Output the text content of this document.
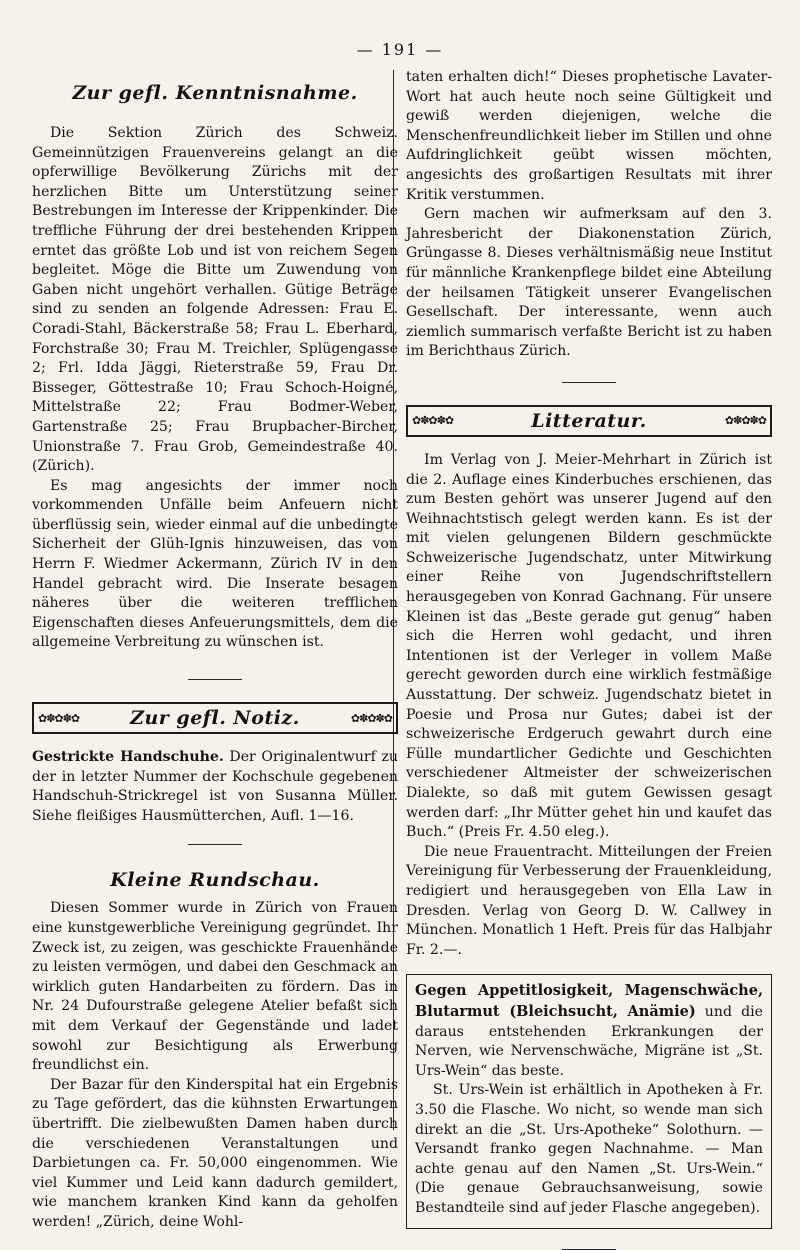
— 191 —
Zur gefl. Kenntnisnahme.

Die Sektion Zürich des Schweiz. Gemeinnützigen Frauenvereins gelangt an die opferwillige Bevölkerung Zürichs mit der herzlichen Bitte um Unterstützung seiner Bestrebungen im Interesse der Krippenkinder. Die treffliche Führung der drei bestehenden Krippen erntet das größte Lob und ist von reichem Segen begleitet. Möge die Bitte um Zuwendung von Gaben nicht ungehört verhallen. Gütige Beträge sind zu senden an folgende Adressen: Frau E. Coradi-Stahl, Bäckerstraße 58; Frau L. Eberhard, Forchstraße 30; Frau M. Treichler, Splügengasse 2; Frl. Idda Jäggi, Rieterstraße 59, Frau Dr. Bisseger, Göttestraße 10; Frau Schoch-Hoigné, Mittelstraße 22; Frau Bodmer-Weber, Gartenstraße 25; Frau Brupbacher-Bircher, Unionstraße 7. Frau Grob, Gemeindestraße 40. (Zürich).

Es mag angesichts der immer noch vorkommenden Unfälle beim Anfeuern nicht überflüssig sein, wieder einmal auf die unbedingte Sicherheit der Glüh-Ignis hinzuweisen, das von Herrn F. Wiedmer Ackermann, Zürich IV in den Handel gebracht wird. Die Inserate besagen näheres über die weiteren trefflichen Eigenschaften dieses Anfeuerungsmittels, dem die allgemeine Verbreitung zu wünschen ist.

✿✽✿✽✿	Zur gefl. Notiz.	✿✽✿✽✿

Gestrickte Handschuhe. Der Originalentwurf zu der in letzter Nummer der Kochschule gegebenen Handschuh-Strickregel ist von Susanna Müller. Siehe fleißiges Hausmütterchen, Aufl. 1—16.

Kleine Rundschau.

Diesen Sommer wurde in Zürich von Frauen eine kunstgewerbliche Vereinigung gegründet. Ihr Zweck ist, zu zeigen, was geschickte Frauenhände zu leisten vermögen, und dabei den Geschmack an wirklich guten Handarbeiten zu fördern. Das in Nr. 24 Dufourstraße gelegene Atelier befaßt sich mit dem Verkauf der Gegenstände und ladet sowohl zur Besichtigung als Erwerbung freundlichst ein.

Der Bazar für den Kinderspital hat ein Ergebnis zu Tage gefördert, das die kühnsten Erwartungen übertrifft. Die zielbewußten Damen haben durch die verschiedenen Veranstaltungen und Darbietungen ca. Fr. 50,000 eingenommen. Wie viel Kummer und Leid kann dadurch gemildert, wie manchem kranken Kind kann da geholfen werden! „Zürich, deine Wohl-

taten erhalten dich!“ Dieses prophetische Lavater-Wort hat auch heute noch seine Gültigkeit und gewiß werden diejenigen, welche die Menschenfreundlichkeit lieber im Stillen und ohne Aufdringlichkeit geübt wissen möchten, angesichts des großartigen Resultats mit ihrer Kritik verstummen.

Gern machen wir aufmerksam auf den 3. Jahresbericht der Diakonenstation Zürich, Grüngasse 8. Dieses verhältnismäßig neue Institut für männliche Krankenpflege bildet eine Abteilung der heilsamen Tätigkeit unserer Evangelischen Gesellschaft. Der interessante, wenn auch ziemlich summarisch verfaßte Bericht ist zu haben im Berichthaus Zürich.

✿✽✿✽✿	Litteratur.	✿✽✿✽✿

Im Verlag von J. Meier-Mehrhart in Zürich ist die 2. Auflage eines Kinderbuches erschienen, das zum Besten gehört was unserer Jugend auf den Weihnachtstisch gelegt werden kann. Es ist der mit vielen gelungenen Bildern geschmückte Schweizerische Jugendschatz, unter Mitwirkung einer Reihe von Jugendschriftstellern herausgegeben von Konrad Gachnang. Für unsere Kleinen ist das „Beste gerade gut genug“ haben sich die Herren wohl gedacht, und ihren Intentionen ist der Verleger in vollem Maße gerecht geworden durch eine wirklich festmäßige Ausstattung. Der schweiz. Jugendschatz bietet in Poesie und Prosa nur Gutes; dabei ist der schweizerische Erdgeruch gewahrt durch eine Fülle mundartlicher Gedichte und Geschichten verschiedener Altmeister der schweizerischen Dialekte, so daß mit gutem Gewissen gesagt werden darf: „Ihr Mütter gehet hin und kaufet das Buch.“ (Preis Fr. 4.50 eleg.).

Die neue Frauentracht. Mitteilungen der Freien Vereinigung für Verbesserung der Frauenkleidung, redigiert und herausgegeben von Ella Law in Dresden. Verlag von Georg D. W. Callwey in München. Monatlich 1 Heft. Preis für das Halbjahr Fr. 2.—.

Gegen Appetitlosigkeit, Magenschwäche, Blutarmut (Bleichsucht, Anämie) und die daraus entstehenden Erkrankungen der Nerven, wie Nervenschwäche, Migräne ist „St. Urs-Wein“ das beste.

St. Urs-Wein ist erhältlich in Apotheken à Fr. 3.50 die Flasche. Wo nicht, so wende man sich direkt an die „St. Urs-Apotheke“ Solothurn. — Versandt franko gegen Nachnahme. — Man achte genau auf den Namen „St. Urs-Wein.“ (Die genaue Gebrauchsanweisung, sowie Bestandteile sind auf jeder Flasche angegeben).
